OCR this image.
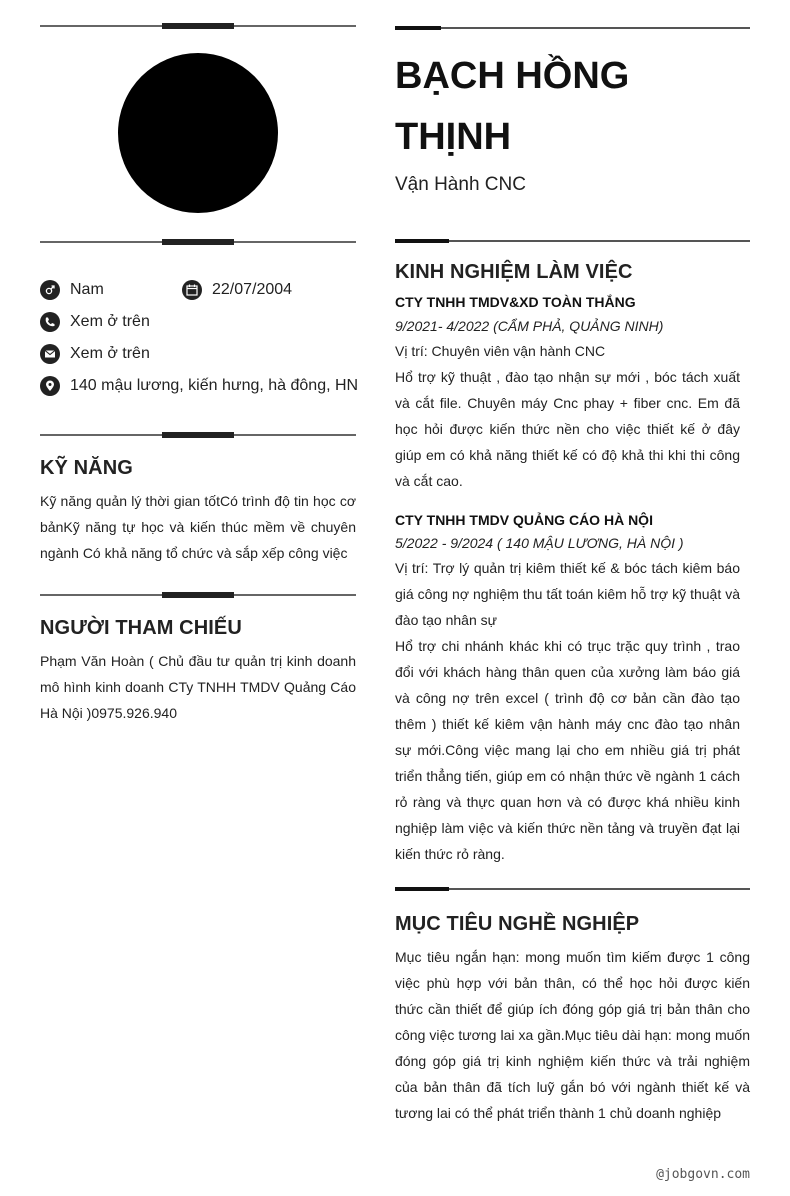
Nam	22/07/2004
Xem ở trên
Xem ở trên
140 mậu lương, kiến hưng, hà đông, HN
KỸ NĂNG

Kỹ năng quản lý thời gian tốtCó trình độ tin học cơ bảnKỹ năng tự học và kiến thúc mềm về chuyên ngành Có khả năng tổ chức và sắp xếp công việc

NGƯỜI THAM CHIẾU

Phạm Văn Hoàn ( Chủ đầu tư quản trị kinh doanh mô hình kinh doanh CTy TNHH TMDV Quảng Cáo Hà Nội )0975.926.940

BẠCH HỒNG
THỊNH
Vận Hành CNC
KINH NGHIỆM LÀM VIỆC
CTY TNHH TMDV&XD TOÀN THẮNG
9/2021- 4/2022 (CẨM PHẢ, QUẢNG NINH)

Vị trí: Chuyên viên vận hành CNC

Hổ trợ kỹ thuật , đào tạo nhận sự mới , bóc tách xuất và cắt file. Chuyên máy Cnc phay + fiber cnc. Em đã học hỏi được kiến thức nền cho việc thiết kế ở đây giúp em có khả năng thiết kế có độ khả thi khi thi công và cắt cao.

CTY TNHH TMDV QUẢNG CÁO HÀ NỘI
5/2022 - 9/2024 ( 140 MẬU LƯƠNG, HÀ NỘI )

Vị trí: Trợ lý quản trị kiêm thiết kế & bóc tách kiêm báo giá công nợ nghiệm thu tất toán kiêm hỗ trợ kỹ thuật và đào tạo nhân sự

Hổ trợ chi nhánh khác khi có trục trặc quy trình , trao đổi với khách hàng thân quen của xưởng làm báo giá và công nợ trên excel ( trình độ cơ bản cần đào tạo thêm ) thiết kế kiêm vận hành máy cnc đào tạo nhân sự mới.Công việc mang lại cho em nhiều giá trị phát triển thẳng tiến, giúp em có nhận thức về ngành 1 cách rỏ ràng và thực quan hơn và có được khá nhiều kinh nghiệp làm việc và kiến thức nền tảng và truyền đạt lại kiến thức rỏ ràng.

MỤC TIÊU NGHỀ NGHIỆP

Mục tiêu ngắn hạn: mong muốn tìm kiếm được 1 công việc phù hợp với bản thân, có thể học hỏi được kiến thức cần thiết để giúp ích đóng góp giá trị bản thân cho công việc tương lai xa gần.Mục tiêu dài hạn: mong muốn đóng góp giá trị kinh nghiệm kiến thức và trải nghiệm của bản thân đã tích luỹ gắn bó với ngành thiết kế và tương lai có thể phát triển thành 1 chủ doanh nghiệp

@jobgovn.com
